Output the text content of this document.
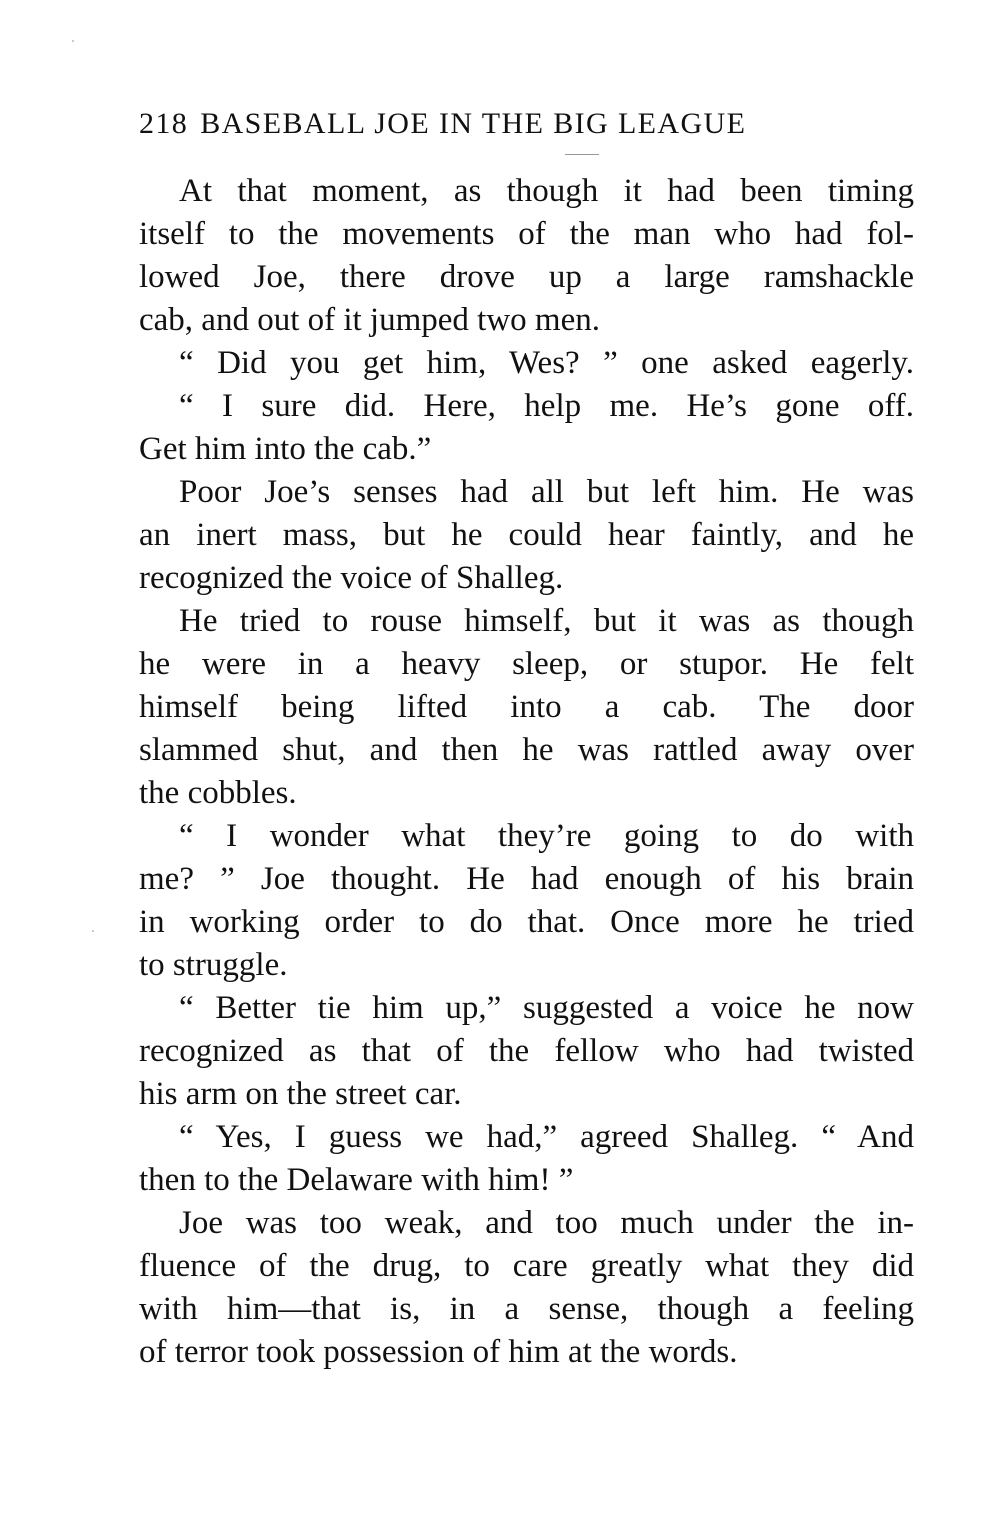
218 BASEBALL JOE IN THE BIG LEAGUE
At that moment, as though it had been timing
itself to the movements of the man who had fol-
lowed Joe, there drove up a large ramshackle
cab, and out of it jumped two men.
“ Did you get him, Wes? ” one asked eagerly.
“ I sure did. Here, help me. He’s gone off.
Get him into the cab.”
Poor Joe’s senses had all but left him. He was
an inert mass, but he could hear faintly, and he
recognized the voice of Shalleg.
He tried to rouse himself, but it was as though
he were in a heavy sleep, or stupor. He felt
himself being lifted into a cab. The door
slammed shut, and then he was rattled away over
the cobbles.
“ I wonder what they’re going to do with
me? ” Joe thought. He had enough of his brain
in working order to do that. Once more he tried
to struggle.
“ Better tie him up,” suggested a voice he now
recognized as that of the fellow who had twisted
his arm on the street car.
“ Yes, I guess we had,” agreed Shalleg. “ And
then to the Delaware with him! ”
Joe was too weak, and too much under the in-
fluence of the drug, to care greatly what they did
with him—that is, in a sense, though a feeling
of terror took possession of him at the words.
